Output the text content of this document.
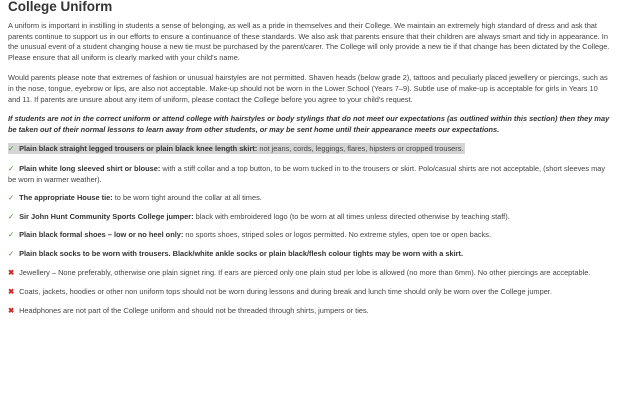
College Uniform

A uniform is important in instilling in students a sense of belonging, as well as a pride in themselves and their College. We maintain an extremely high standard of dress and ask that parents continue to support us in our efforts to ensure a continuance of these standards. We also ask that parents ensure that their children are always smart and tidy in appearance. In the unusual event of a student changing house a new tie must be purchased by the parent/carer. The College will only provide a new tie if that change has been dictated by the College. Please ensure that all uniform is clearly marked with your child's name.

Would parents please note that extremes of fashion or unusual hairstyles are not permitted. Shaven heads (below grade 2), tattoos and peculiarly placed jewellery or piercings, such as in the nose, tongue, eyebrow or lips, are also not acceptable. Make-up should not be worn in the Lower School (Years 7–9). Subtle use of make-up is acceptable for girls in Years 10 and 11. If parents are unsure about any item of uniform, please contact the College before you agree to your child's request.

If students are not in the correct uniform or attend college with hairstyles or body stylings that do not meet our expectations (as outlined within this section) then they may be taken out of their normal lessons to learn away from other students, or may be sent home until their appearance meets our expectations.

✓ Plain black straight legged trousers or plain black knee length skirt: not jeans, cords, leggings, flares, hipsters or cropped trousers.

✓ Plain white long sleeved shirt or blouse: with a stiff collar and a top button, to be worn tucked in to the trousers or skirt. Polo/casual shirts are not acceptable, (short sleeves may be worn in warmer weather).

✓ The appropriate House tie: to be worn tight around the collar at all times.

✓ Sir John Hunt Community Sports College jumper: black with embroidered logo (to be worn at all times unless directed otherwise by teaching staff).

✓ Plain black formal shoes – low or no heel only: no sports shoes, striped soles or logos permitted. No extreme styles, open toe or open backs.

✓ Plain black socks to be worn with trousers. Black/white ankle socks or plain black/flesh colour tights may be worn with a skirt.

✖ Jewellery – None preferably, otherwise one plain signet ring. If ears are pierced only one plain stud per lobe is allowed (no more than 6mm). No other piercings are acceptable.

✖ Coats, jackets, hoodies or other non uniform tops should not be worn during lessons and during break and lunch time should only be worn over the College jumper.

✖ Headphones are not part of the College uniform and should not be threaded through shirts, jumpers or ties.
